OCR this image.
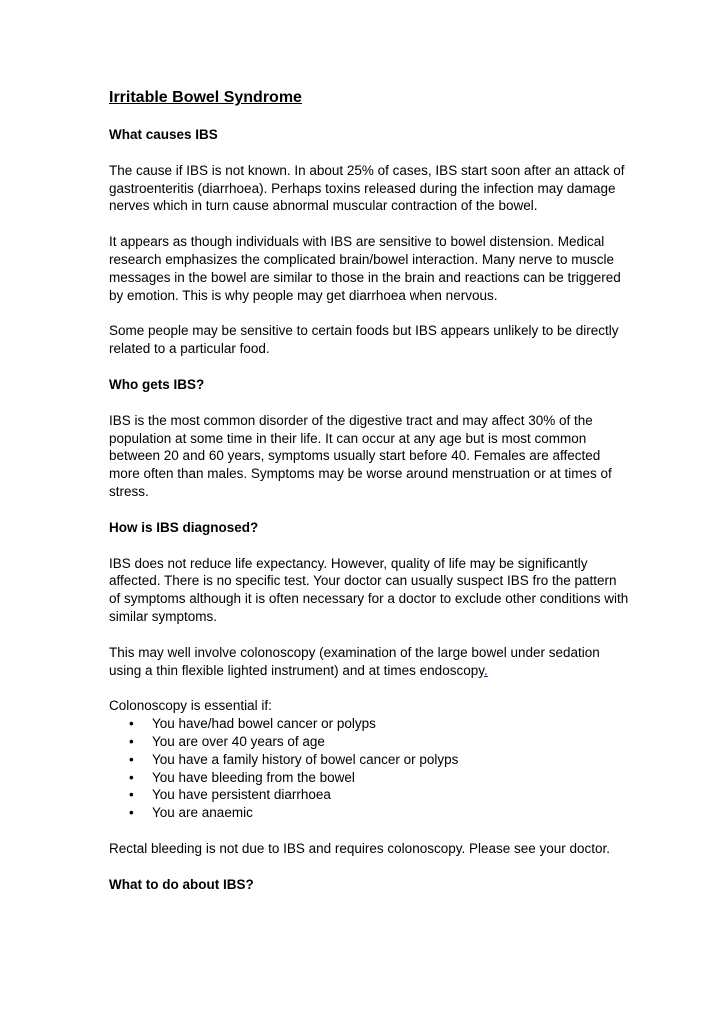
Irritable Bowel Syndrome
What causes IBS

The cause if IBS is not known. In about 25% of cases, IBS start soon after an attack of gastroenteritis (diarrhoea). Perhaps toxins released during the infection may damage nerves which in turn cause abnormal muscular contraction of the bowel.

It appears as though individuals with IBS are sensitive to bowel distension. Medical research emphasizes the complicated brain/bowel interaction. Many nerve to muscle messages in the bowel are similar to those in the brain and reactions can be triggered by emotion. This is why people may get diarrhoea when nervous.

Some people may be sensitive to certain foods but IBS appears unlikely to be directly related to a particular food.

Who gets IBS?

IBS is the most common disorder of the digestive tract and may affect 30% of the population at some time in their life. It can occur at any age but is most common between 20 and 60 years, symptoms usually start before 40. Females are affected more often than males. Symptoms may be worse around menstruation or at times of stress.

How is IBS diagnosed?

IBS does not reduce life expectancy. However, quality of life may be significantly affected. There is no specific test. Your doctor can usually suspect IBS fro the pattern of symptoms although it is often necessary for a doctor to exclude other conditions with similar symptoms.

This may well involve colonoscopy (examination of the large bowel under sedation using a thin flexible lighted instrument) and at times endoscopy.

Colonoscopy is essential if:
• You have/had bowel cancer or polyps
• You are over 40 years of age
• You have a family history of bowel cancer or polyps
• You have bleeding from the bowel
• You have persistent diarrhoea
• You are anaemic

Rectal bleeding is not due to IBS and requires colonoscopy. Please see your doctor.

What to do about IBS?
